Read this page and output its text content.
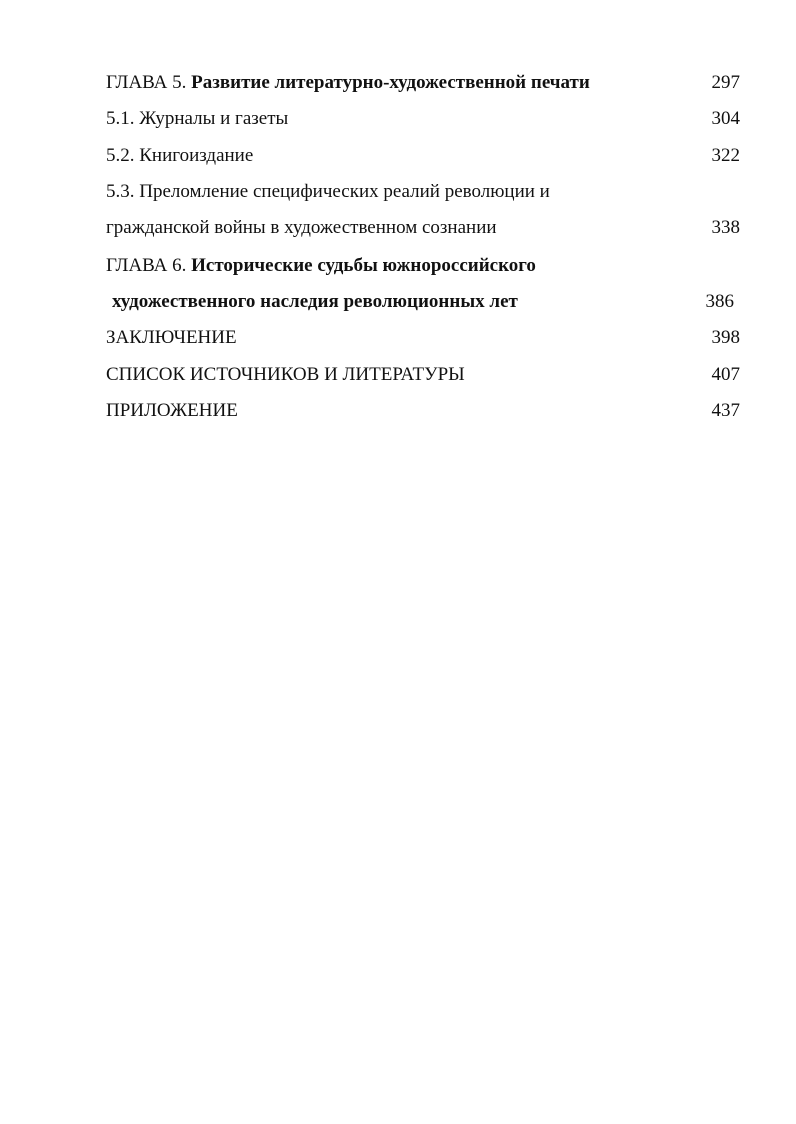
ГЛАВА 5. Развитие литературно-художественной печати	297
5.1. Журналы и газеты	304
5.2. Книгоиздание	322
5.3. Преломление специфических реалий революции и
гражданской войны в художественном сознании	338
ГЛАВА 6. Исторические судьбы южнороссийского
художественного наследия революционных лет	386
ЗАКЛЮЧЕНИЕ	398
СПИСОК ИСТОЧНИКОВ И ЛИТЕРАТУРЫ	407
ПРИЛОЖЕНИЕ	437
